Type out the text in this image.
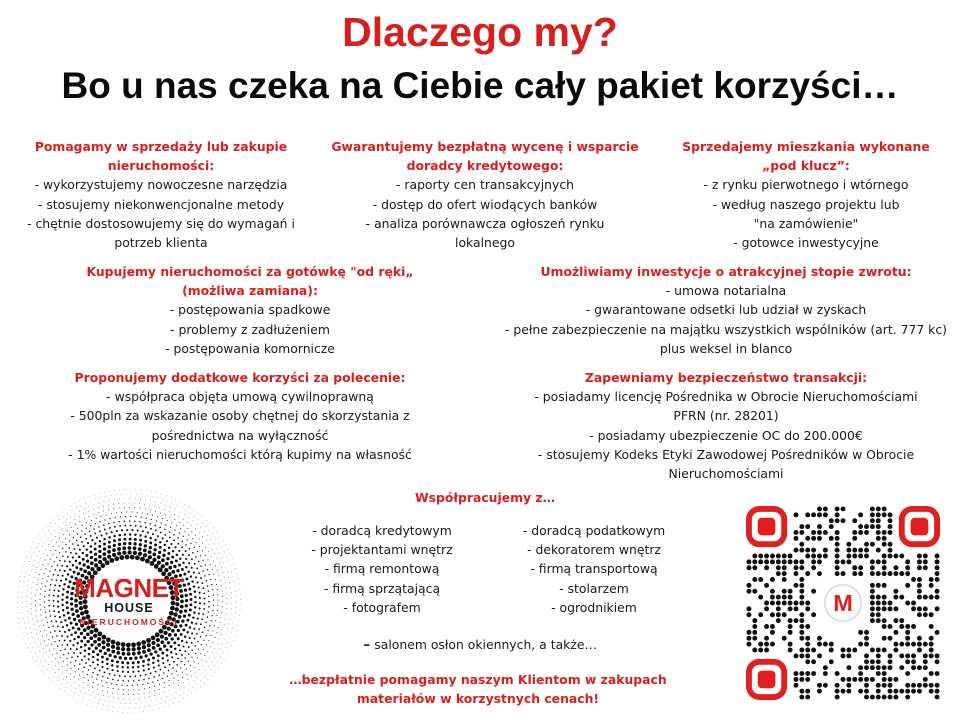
Dlaczego my?
Bo u nas czeka na Ciebie cały pakiet korzyści…
Pomagamy w sprzedaży lub zakupie
nieruchomości:
- wykorzystujemy nowoczesne narzędzia
- stosujemy niekonwencjonalne metody
- chętnie dostosowujemy się do wymagań i
potrzeb klienta
Gwarantujemy bezpłatną wycenę i wsparcie
doradcy kredytowego:
- raporty cen transakcyjnych
- dostęp do ofert wiodących banków
- analiza porównawcza ogłoszeń rynku
lokalnego
Sprzedajemy mieszkania wykonane
„pod klucz”:
- z rynku pierwotnego i wtórnego
- według naszego projektu lub
"na zamówienie"
- gotowce inwestycyjne
Kupujemy nieruchomości za gotówkę "od ręki„
(możliwa zamiana):
- postępowania spadkowe
- problemy z zadłużeniem
- postępowania komornicze
Umożliwiamy inwestycje o atrakcyjnej stopie zwrotu:
- umowa notarialna
- gwarantowane odsetki lub udział w zyskach
- pełne zabezpieczenie na majątku wszystkich wspólników (art. 777 kc)
plus weksel in blanco
Proponujemy dodatkowe korzyści za polecenie:
- współpraca objęta umową cywilnoprawną
- 500pln za wskazanie osoby chętnej do skorzystania z
pośrednictwa na wyłączność
- 1% wartości nieruchomości którą kupimy na własność
Zapewniamy bezpieczeństwo transakcji:
- posiadamy licencję Pośrednika w Obrocie Nieruchomościami
PFRN (nr. 28201)
- posiadamy ubezpieczenie OC do 200.000€
- stosujemy Kodeks Etyki Zawodowej Pośredników w Obrocie
Nieruchomościami
Współpracujemy z…
- doradcą kredytowym
- projektantami wnętrz
- firmą remontową
- firmą sprzątającą
- fotografem
- doradcą podatkowym
- dekoratorem wnętrz
- firmą transportową
- stolarzem
- ogrodnikiem
- salonem osłon okiennych, a także…
…bezpłatnie pomagamy naszym Klientom w zakupach
materiałów w korzystnych cenach!
MAGNET
HOUSE
NIERUCHOMOŚCI
M
